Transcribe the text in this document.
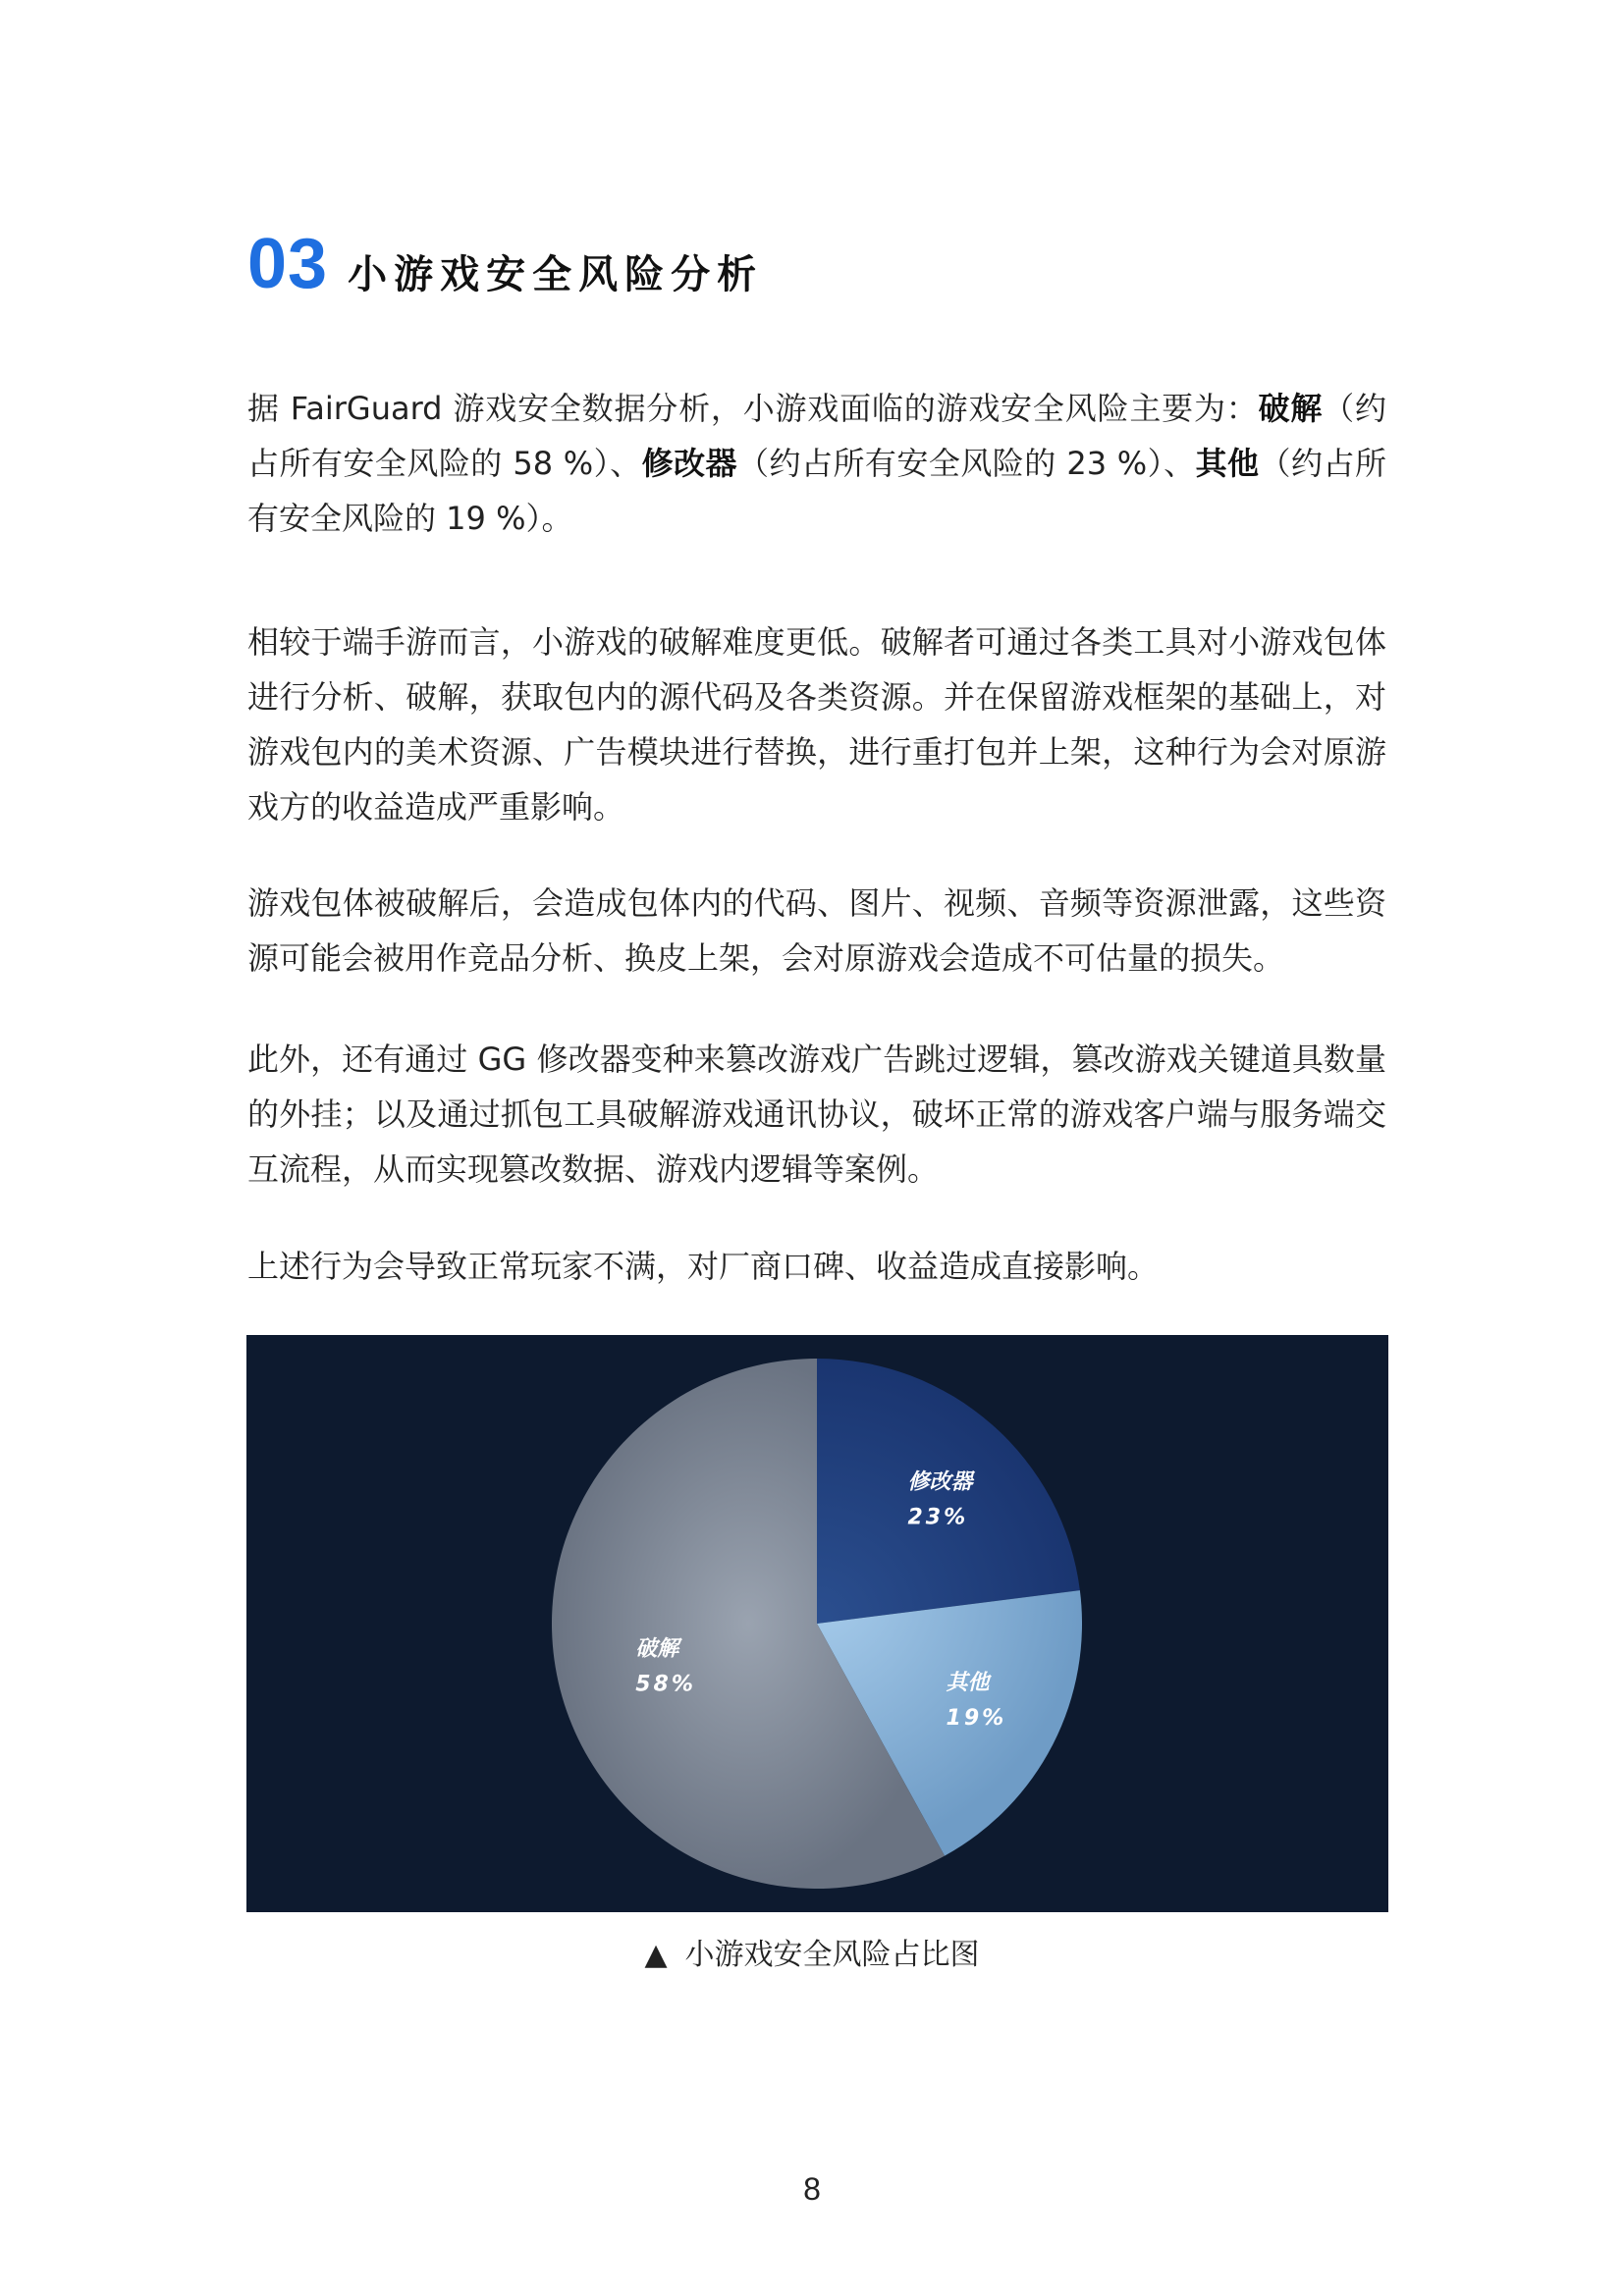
03 小游戏安全风险分析

据 FairGuard 游戏安全数据分析，小游戏面临的游戏安全风险主要为：破解（约占所有安全风险的 58 %）、修改器（约占所有安全风险的 23 %）、其他（约占所有安全风险的 19 %）。

相较于端手游而言，小游戏的破解难度更低。破解者可通过各类工具对小游戏包体进行分析、破解，获取包内的源代码及各类资源。并在保留游戏框架的基础上，对游戏包内的美术资源、广告模块进行替换，进行重打包并上架，这种行为会对原游戏方的收益造成严重影响。

游戏包体被破解后，会造成包体内的代码、图片、视频、音频等资源泄露，这些资源可能会被用作竞品分析、换皮上架，会对原游戏会造成不可估量的损失。

此外，还有通过 GG 修改器变种来篡改游戏广告跳过逻辑，篡改游戏关键道具数量的外挂；以及通过抓包工具破解游戏通讯协议，破坏正常的游戏客户端与服务端交互流程，从而实现篡改数据、游戏内逻辑等案例。

上述行为会导致正常玩家不满，对厂商口碑、收益造成直接影响。

修改器 23%
其他 19%
破解 58%
▲ 小游戏安全风险占比图
8
